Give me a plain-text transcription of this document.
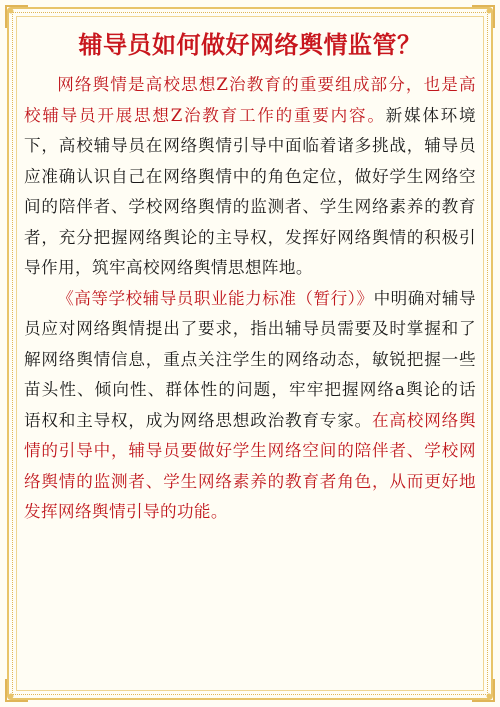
辅导员如何做好网络舆情监管？

网络舆情是高校思想Z治教育的重要组成部分，也是高校辅导员开展思想Z治教育工作的重要内容。新媒体环境下，高校辅导员在网络舆情引导中面临着诸多挑战，辅导员应准确认识自己在网络舆情中的角色定位，做好学生网络空间的陪伴者、学校网络舆情的监测者、学生网络素养的教育者，充分把握网络舆论的主导权，发挥好网络舆情的积极引导作用，筑牢高校网络舆情思想阵地。

《高等学校辅导员职业能力标准（暂行）》中明确对辅导员应对网络舆情提出了要求，指出辅导员需要及时掌握和了解网络舆情信息，重点关注学生的网络动态，敏锐把握一些苗头性、倾向性、群体性的问题，牢牢把握网络a舆论的话语权和主导权，成为网络思想政治教育专家。在高校网络舆情的引导中，辅导员要做好学生网络空间的陪伴者、学校网络舆情的监测者、学生网络素养的教育者角色，从而更好地发挥网络舆情引导的功能。
